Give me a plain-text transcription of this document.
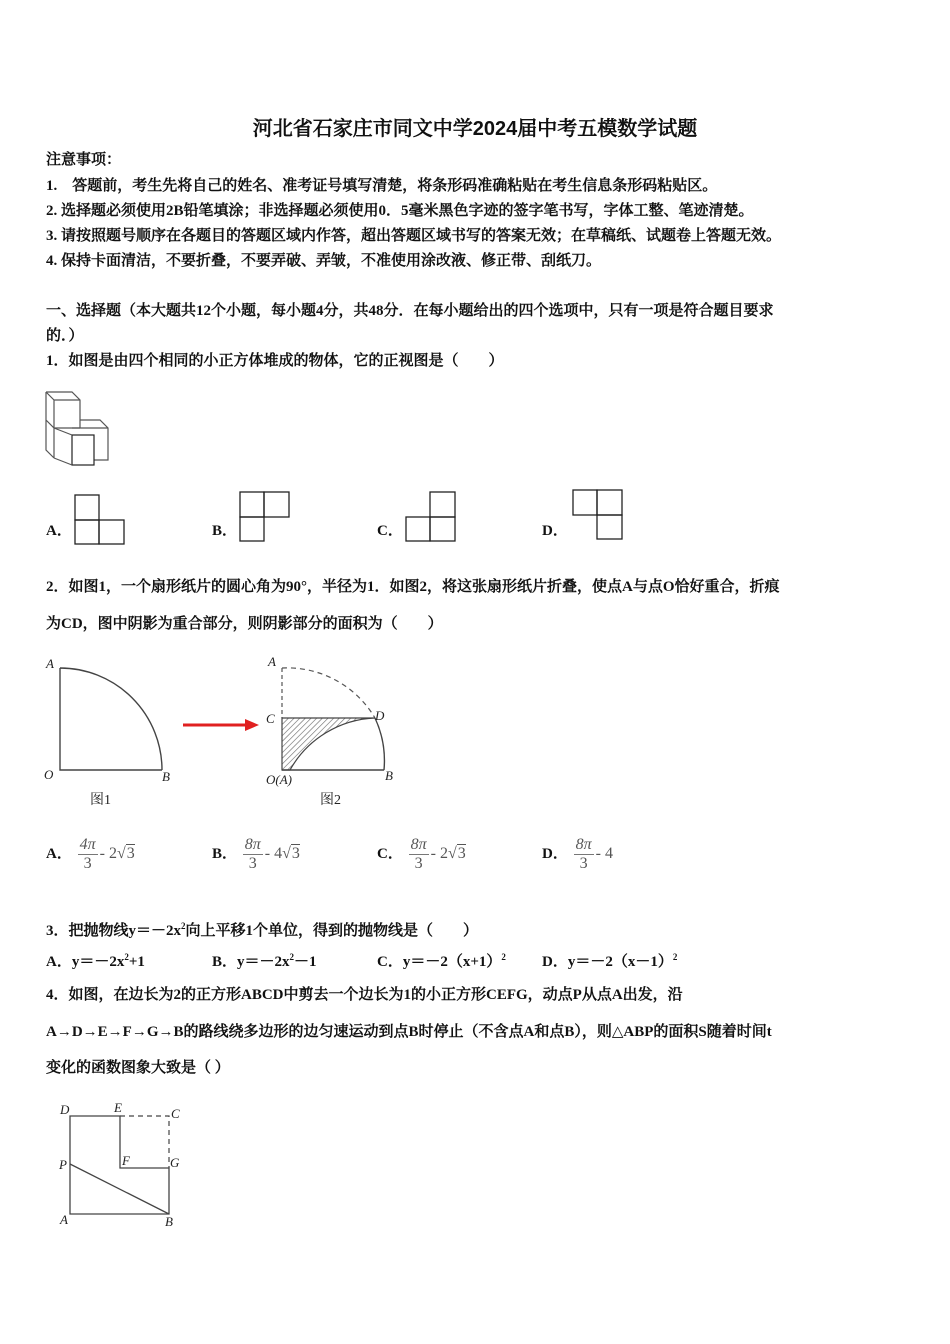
河北省石家庄市同文中学2024届中考五模数学试题
注意事项：
1.　答题前，考生先将自己的姓名、准考证号填写清楚，将条形码准确粘贴在考生信息条形码粘贴区。
2. 选择题必须使用2B铅笔填涂；非选择题必须使用0．5毫米黑色字迹的签字笔书写，字体工整、笔迹清楚。
3. 请按照题号顺序在各题目的答题区域内作答，超出答题区域书写的答案无效；在草稿纸、试题卷上答题无效。
4. 保持卡面清洁，不要折叠，不要弄破、弄皱，不准使用涂改液、修正带、刮纸刀。
一、选择题（本大题共12个小题，每小题4分，共48分．在每小题给出的四个选项中，只有一项是符合题目要求
的．）
1．如图是由四个相同的小正方体堆成的物体，它的正视图是（　　）
A．	B．	C．	D．
2．如图1，一个扇形纸片的圆心角为90°，半径为1．如图2，将这张扇形纸片折叠，使点A与点O恰好重合，折痕
为CD，图中阴影为重合部分，则阴影部分的面积为（　　）
A
O	B
图1
A
C	D
O(A)	B
图2
A． $\frac{4\pi}{3} - 2√3$	B． $\frac{8\pi}{3} - 4√3$	C． $\frac{8\pi}{3} - 2√3$	D． $\frac{8\pi}{3} - 4$
3．把抛物线$y=-2x^2$向上平移1个单位，得到的抛物线是（　　）
A．$y=-2x^2+1$	B．$y=-2x^2-1$	C．$y=-2(x+1)^2$ D．$y=-2(x-1)^2$
4．如图，在边长为2的正方形ABCD中剪去一个边长为1的小正方形CEFG，动点P从点A出发，沿
A→D→E→F→G→B的路线绕多边形的边匀速运动到点B时停止（不含点A和点B），则△ABP的面积S随着时间t
变化的函数图象大致是（ ）
D	E	C
P	F	G
A	B
